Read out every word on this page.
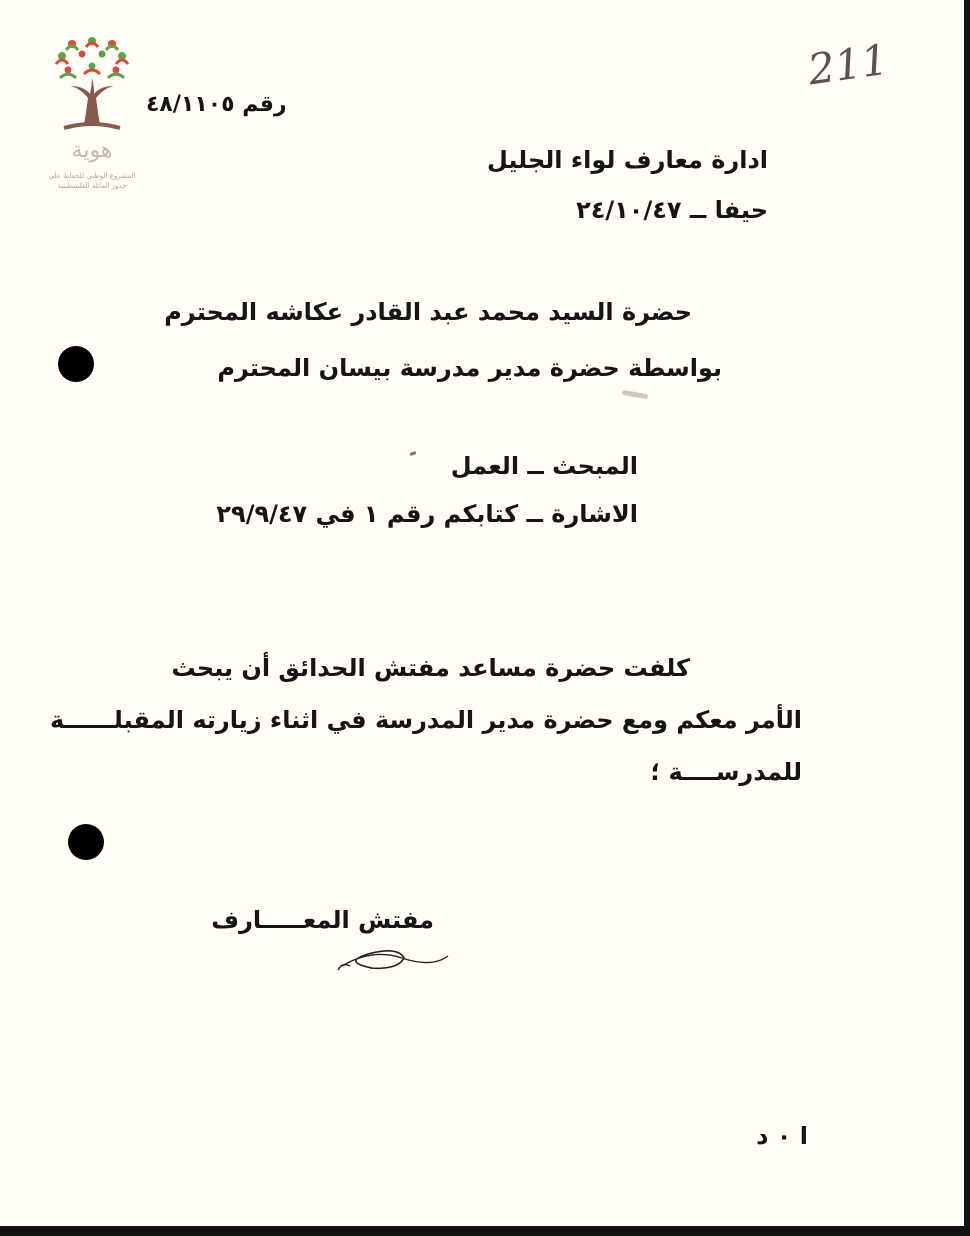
هوية
المشروع الوطني للحفاظ على
جذور العائلة الفلسطينية
211
رقم ٤٨/١١٠٥
ادارة معارف لواء الجليل
حيفا ــ ٢٤/١٠/٤٧
حضرة السيد محمد عبد القادر عكاشه المحترم
بواسطة حضرة مدير مدرسة بيسان المحترم
المبحث ــ العمل
الاشارة ــ كتابكم رقم ١ في ٢٩/٩/٤٧
كلفت حضرة مساعد مفتش الحدائق أن يبحث
الأمر معكم ومع حضرة مدير المدرسة في اثناء زيارته المقبلــــــة
للمدرســــة ؛
مفتش المعـــــارف
ا ٠ د
